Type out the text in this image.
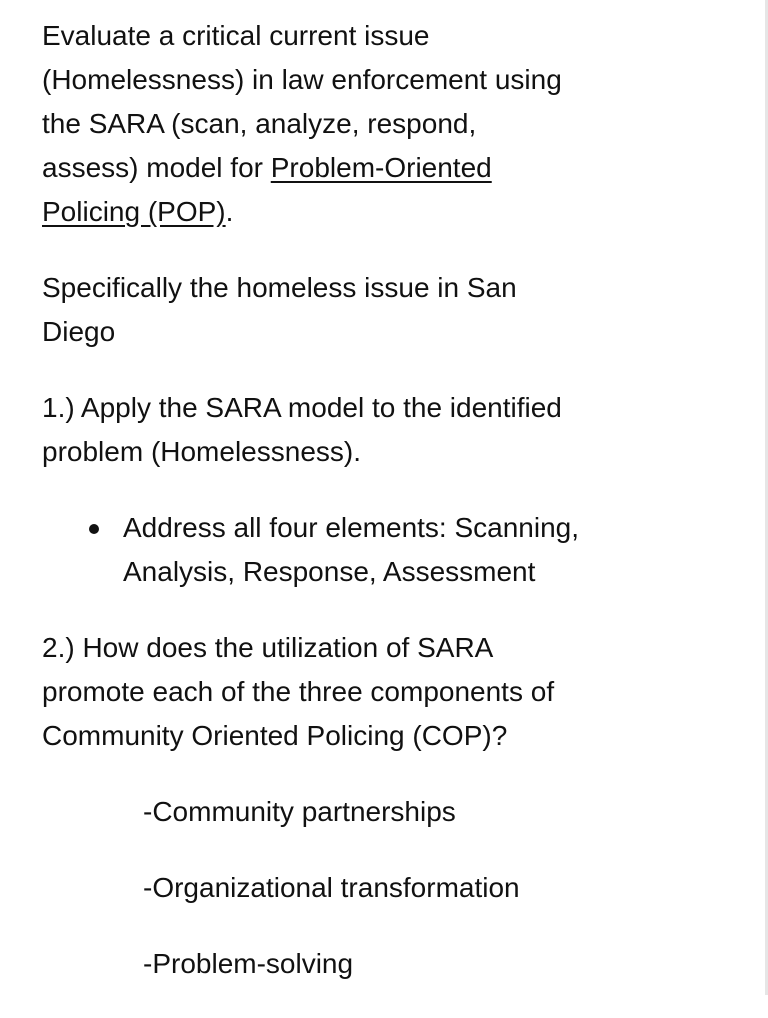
Evaluate a critical current issue
(Homelessness) in law enforcement using
the SARA (scan, analyze, respond,
assess) model for Problem-Oriented
Policing (POP).

Specifically the homeless issue in San
Diego

1.) Apply the SARA model to the identified
problem (Homelessness).

Address all four elements: Scanning,
Analysis, Response, Assessment

2.) How does the utilization of SARA
promote each of the three components of
Community Oriented Policing (COP)?

-Community partnerships

-Organizational transformation

-Problem-solving
